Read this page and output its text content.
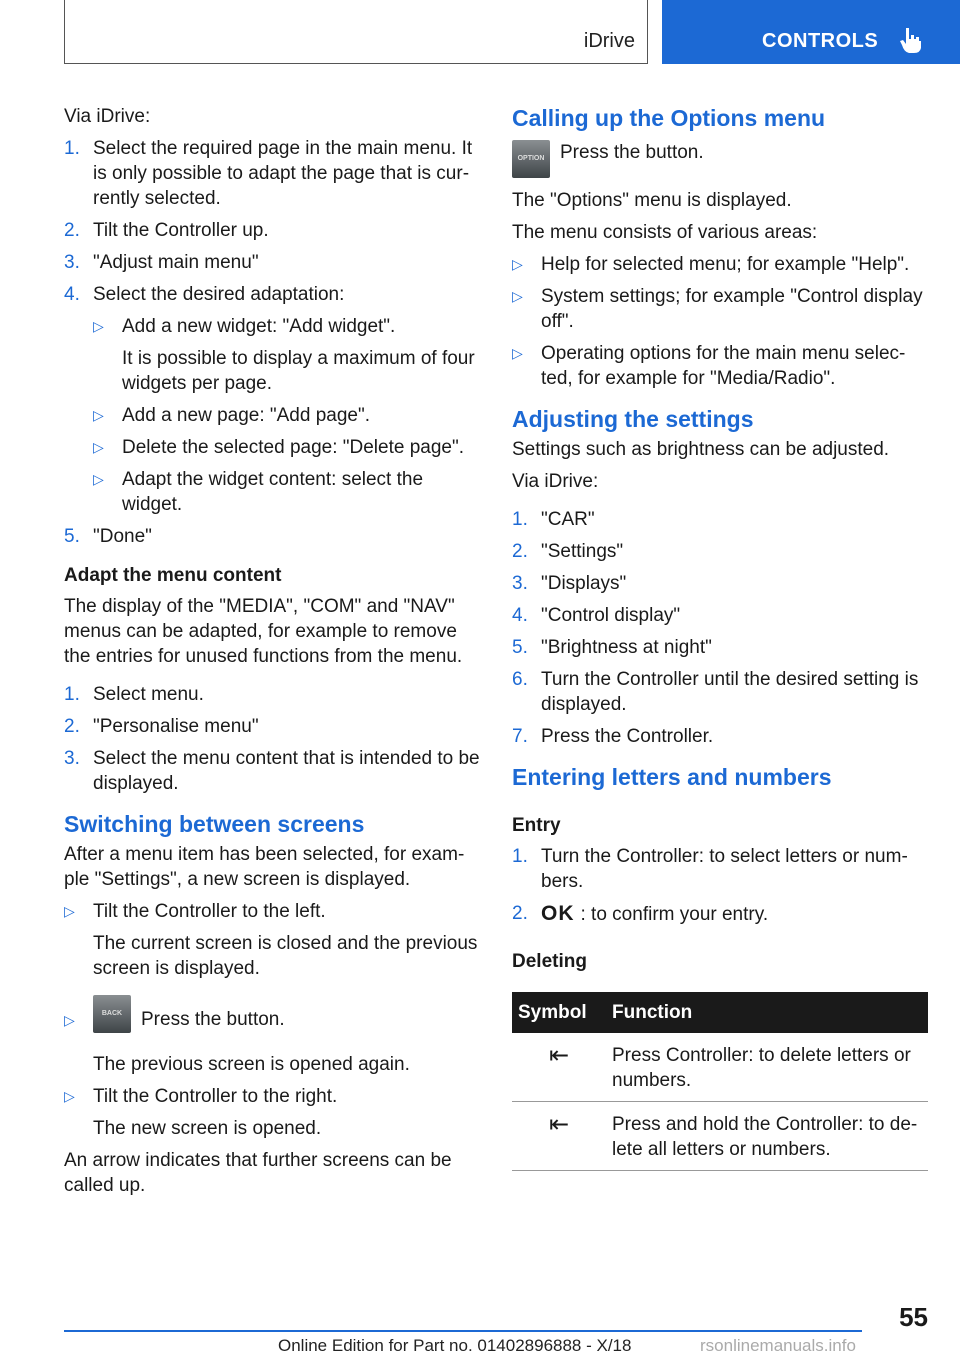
iDrive	CONTROLS

Via iDrive:

1. Select the required page in the main menu. It is only possible to adapt the page that is currently selected.
2. Tilt the Controller up.
3. "Adjust main menu"
4. Select the desired adaptation:
▷ Add a new widget: "Add widget".
It is possible to display a maximum of four widgets per page.
▷ Add a new page: "Add page".
▷ Delete the selected page: "Delete page".
▷ Adapt the widget content: select the widget.
5. "Done"

Adapt the menu content

The display of the "MEDIA", "COM" and "NAV" menus can be adapted, for example to remove the entries for unused functions from the menu.

1. Select menu.
2. "Personalise menu"
3. Select the menu content that is intended to be displayed.

Switching between screens

After a menu item has been selected, for example "Settings", a new screen is displayed.

▷ Tilt the Controller to the left.
The current screen is closed and the previous screen is displayed.
▷	BACK Press the button.
The previous screen is opened again.
▷ Tilt the Controller to the right.
The new screen is opened.

An arrow indicates that further screens can be called up.

Calling up the Options menu

OPTION Press the button.

The "Options" menu is displayed.

The menu consists of various areas:

▷ Help for selected menu; for example "Help".
▷ System settings; for example "Control display off".
▷ Operating options for the main menu selected, for example for "Media/Radio".

Adjusting the settings

Settings such as brightness can be adjusted.

Via iDrive:

1. "CAR"
2. "Settings"
3. "Displays"
4. "Control display"
5. "Brightness at night"
6. Turn the Controller until the desired setting is displayed.
7. Press the Controller.

Entering letters and numbers

Entry

1. Turn the Controller: to select letters or numbers.
2. OK : to confirm your entry.

Deleting

Symbol	Function
⇤	Press Controller: to delete letters or numbers.
⇤	Press and hold the Controller: to delete all letters or numbers.
55
Online Edition for Part no. 01402896888 - X/18	rsonlinemanuals.info
